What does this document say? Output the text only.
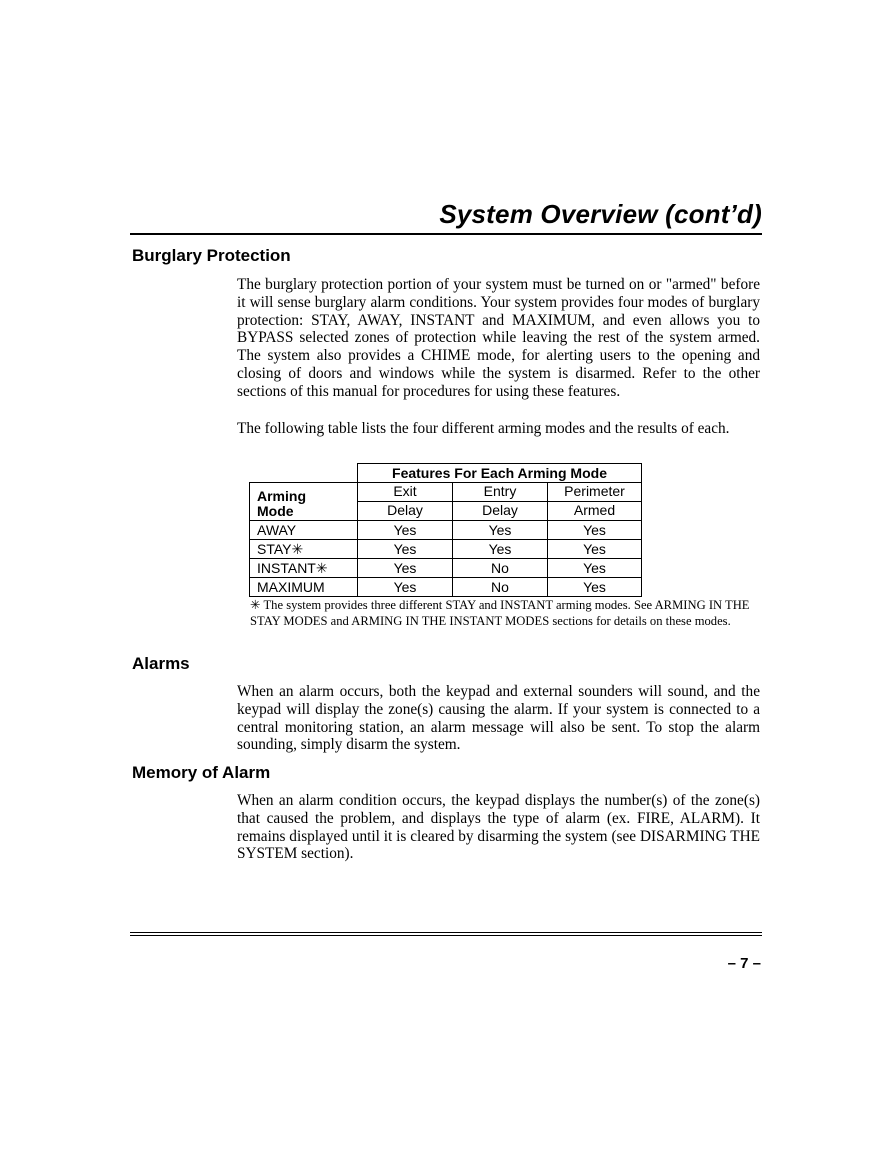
System Overview (cont’d)
Burglary Protection

The burglary protection portion of your system must be turned on or "armed" before it will sense burglary alarm conditions. Your system provides four modes of burglary protection: STAY, AWAY, INSTANT and MAXIMUM, and even allows you to BYPASS selected zones of protection while leaving the rest of the system armed. The system also provides a CHIME mode, for alerting users to the opening and closing of doors and windows while the system is disarmed. Refer to the other sections of this manual for procedures for using these features.

The following table lists the four different arming modes and the results of each.

	Features For Each Arming Mode		

Arming
Mode	Exit	Entry	Perimeter
	Delay	Delay	Armed
AWAY	Yes	Yes	Yes
STAY✳	Yes	Yes	Yes
INSTANT✳	Yes	No	Yes
MAXIMUM	Yes	No	Yes

✳ The system provides three different STAY and INSTANT arming modes. See ARMING IN THE STAY MODES and ARMING IN THE INSTANT MODES sections for details on these modes.

Alarms

When an alarm occurs, both the keypad and external sounders will sound, and the keypad will display the zone(s) causing the alarm. If your system is connected to a central monitoring station, an alarm message will also be sent. To stop the alarm sounding, simply disarm the system.

Memory of Alarm

When an alarm condition occurs, the keypad displays the number(s) of the zone(s) that caused the problem, and displays the type of alarm (ex. FIRE, ALARM). It remains displayed until it is cleared by disarming the system (see DISARMING THE SYSTEM section).

– 7 –
